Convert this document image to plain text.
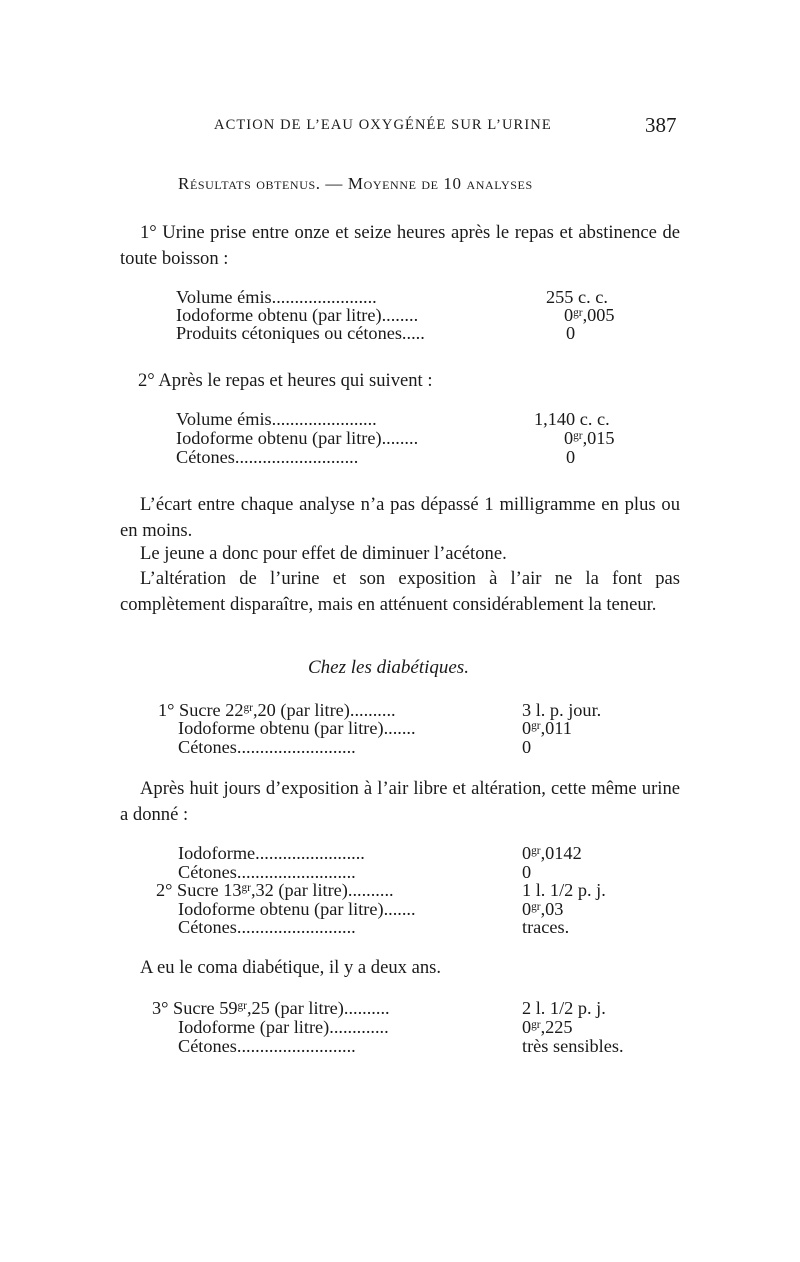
ACTION DE L’EAU OXYGÉNÉE SUR L’URINE	387
Résultats obtenus. — Moyenne de 10 analyses
1° Urine prise entre onze et seize heures après le repas et abstinence de toute boisson :
Volume émis.......................	255 c. c.
Iodoforme obtenu (par litre)........	$0^{gr},005$
Produits cétoniques ou cétones.....	0
2° Après le repas et heures qui suivent :
Volume émis.......................	1,140 c. c.
Iodoforme obtenu (par litre)........	$0^{gr},015$
Cétones...........................	0
L’écart entre chaque analyse n’a pas dépassé 1 milligramme en plus ou en moins.
Le jeune a donc pour effet de diminuer l’acétone.
L’altération de l’urine et son exposition à l’air ne la font pas complètement disparaître, mais en atténuent considérablement la teneur.
Chez les diabétiques.
1° Sucre $22^{gr},20$ (par litre)..........	3 l. p. jour.
Iodoforme obtenu (par litre).......	$0^{gr},011$
Cétones..........................	0
Après huit jours d’exposition à l’air libre et altération, cette même urine a donné :
Iodoforme........................	$0^{gr},0142$
Cétones..........................	0
2° Sucre $13^{gr},32$ (par litre)..........	1 l. 1/2 p. j.
Iodoforme obtenu (par litre).......	$0^{gr},03$
Cétones..........................	traces.
A eu le coma diabétique, il y a deux ans.
3° Sucre $59^{gr},25$ (par litre)..........	2 l. 1/2 p. j.
Iodoforme (par litre).............	$0^{gr},225$
Cétones..........................	très sensibles.
